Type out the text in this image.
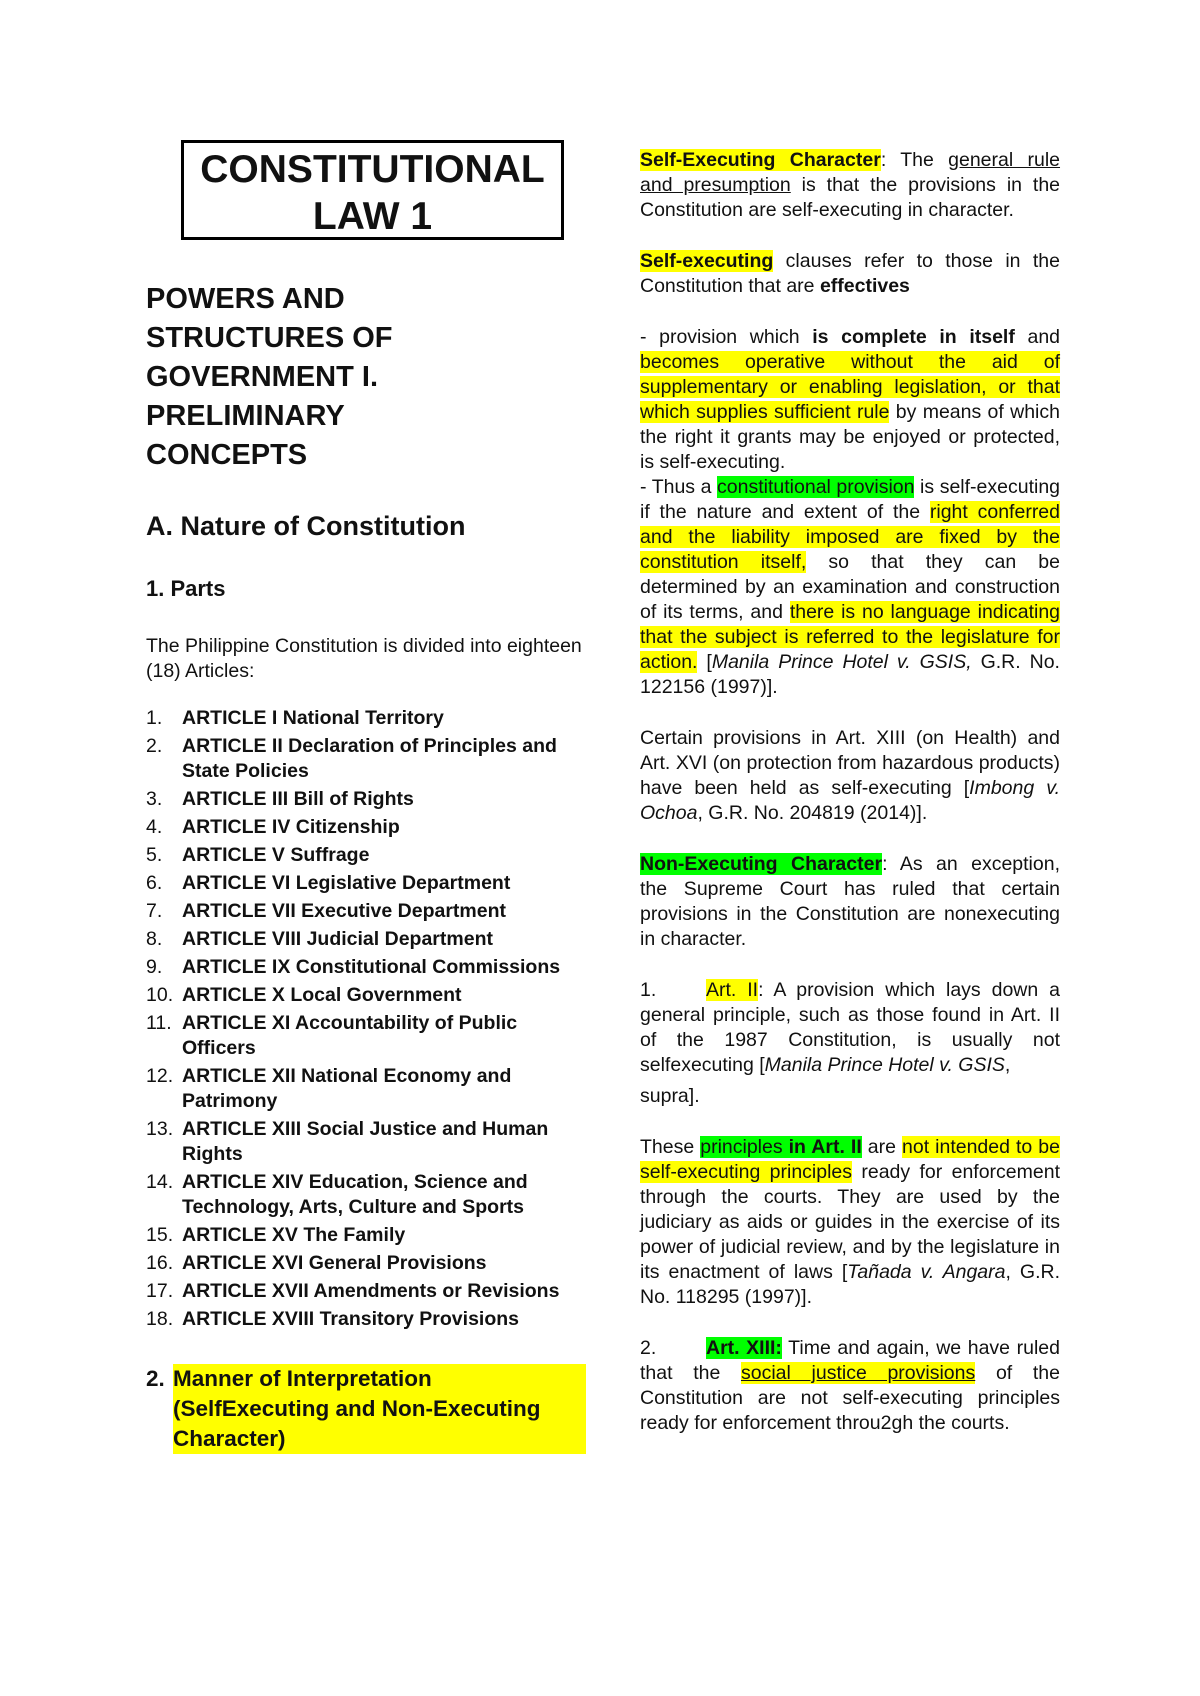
CONSTITUTIONAL
LAW 1
POWERS AND
STRUCTURES OF
GOVERNMENT I.
PRELIMINARY
CONCEPTS
A. Nature of Constitution
1. Parts
The Philippine Constitution is divided into eighteen (18) Articles:
1.	ARTICLE I National Territory
2.	ARTICLE II Declaration of Principles and State Policies
3.	ARTICLE III Bill of Rights
4.	ARTICLE IV Citizenship
5.	ARTICLE V Suffrage
6.	ARTICLE VI Legislative Department
7.	ARTICLE VII Executive Department
8.	ARTICLE VIII Judicial Department
9.	ARTICLE IX Constitutional Commissions
10. ARTICLE X Local Government
11. ARTICLE XI Accountability of Public Officers
12. ARTICLE XII National Economy and Patrimony
13. ARTICLE XIII Social Justice and Human Rights
14. ARTICLE XIV Education, Science and Technology, Arts, Culture and Sports
15. ARTICLE XV The Family
16. ARTICLE XVI General Provisions
17. ARTICLE XVII Amendments or Revisions
18. ARTICLE XVIII Transitory Provisions
2. Manner of Interpretation (SelfExecuting and Non-Executing Character)

Self-Executing Character: The general rule and presumption is that the provisions in the Constitution are self-executing in character.

Self-executing clauses refer to those in the Constitution that are effectives

- provision which is complete in itself and becomes operative without the aid of supplementary or enabling legislation, or that which supplies sufficient rule by means of which the right it grants may be enjoyed or protected, is self-executing.

- Thus a constitutional provision is self-executing if the nature and extent of the right conferred and the liability imposed are fixed by the constitution itself, so that they can be determined by an examination and construction of its terms, and there is no language indicating that the subject is referred to the legislature for action. [Manila Prince Hotel v. GSIS, G.R. No. 122156 (1997)].

Certain provisions in Art. XIII (on Health) and Art. XVI (on protection from hazardous products) have been held as self-executing [Imbong v. Ochoa, G.R. No. 204819 (2014)].

Non-Executing Character: As an exception, the Supreme Court has ruled that certain provisions in the Constitution are nonexecuting in character.

1.	Art. II: A provision which lays down a general principle, such as those found in Art. II of the 1987 Constitution, is usually not selfexecuting [Manila Prince Hotel v. GSIS,
supra].

These principles in Art. II are not intended to be self-executing principles ready for enforcement through the courts. They are used by the judiciary as aids or guides in the exercise of its power of judicial review, and by the legislature in its enactment of laws [Tañada v. Angara, G.R. No. 118295 (1997)].

2.	Art. XIII: Time and again, we have ruled that the social justice provisions of the Constitution are not self-executing principles ready for enforcement throu2gh the courts.
